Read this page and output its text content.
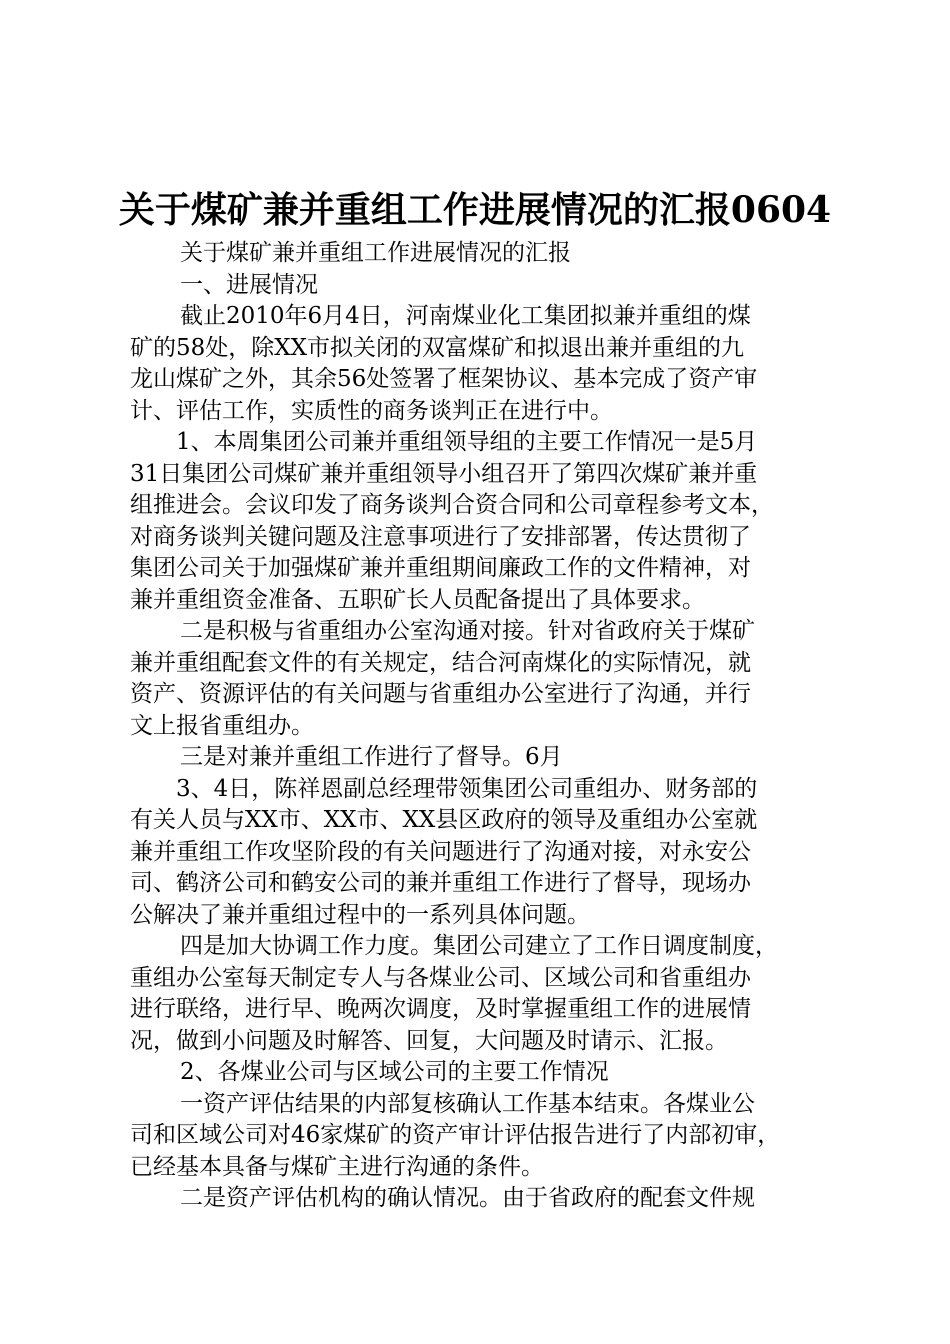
关于煤矿兼并重组工作进展情况的汇报0604
关于煤矿兼并重组工作进展情况的汇报
一、进展情况
截止2010年6月4日，河南煤业化工集团拟兼并重组的煤
矿的58处，除XX市拟关闭的双富煤矿和拟退出兼并重组的九
龙山煤矿之外，其余56处签署了框架协议、基本完成了资产审
计、评估工作，实质性的商务谈判正在进行中。
1、本周集团公司兼并重组领导组的主要工作情况一是5月
31日集团公司煤矿兼并重组领导小组召开了第四次煤矿兼并重
组推进会。会议印发了商务谈判合资合同和公司章程参考文本，
对商务谈判关键问题及注意事项进行了安排部署，传达贯彻了
集团公司关于加强煤矿兼并重组期间廉政工作的文件精神，对
兼并重组资金准备、五职矿长人员配备提出了具体要求。
二是积极与省重组办公室沟通对接。针对省政府关于煤矿
兼并重组配套文件的有关规定，结合河南煤化的实际情况，就
资产、资源评估的有关问题与省重组办公室进行了沟通，并行
文上报省重组办。
三是对兼并重组工作进行了督导。6月
3、4日，陈祥恩副总经理带领集团公司重组办、财务部的
有关人员与XX市、XX市、XX县区政府的领导及重组办公室就
兼并重组工作攻坚阶段的有关问题进行了沟通对接，对永安公
司、鹤济公司和鹤安公司的兼并重组工作进行了督导，现场办
公解决了兼并重组过程中的一系列具体问题。
四是加大协调工作力度。集团公司建立了工作日调度制度，
重组办公室每天制定专人与各煤业公司、区域公司和省重组办
进行联络，进行早、晚两次调度，及时掌握重组工作的进展情
况，做到小问题及时解答、回复，大问题及时请示、汇报。
2、各煤业公司与区域公司的主要工作情况
一资产评估结果的内部复核确认工作基本结束。各煤业公
司和区域公司对46家煤矿的资产审计评估报告进行了内部初审，
已经基本具备与煤矿主进行沟通的条件。
二是资产评估机构的确认情况。由于省政府的配套文件规
